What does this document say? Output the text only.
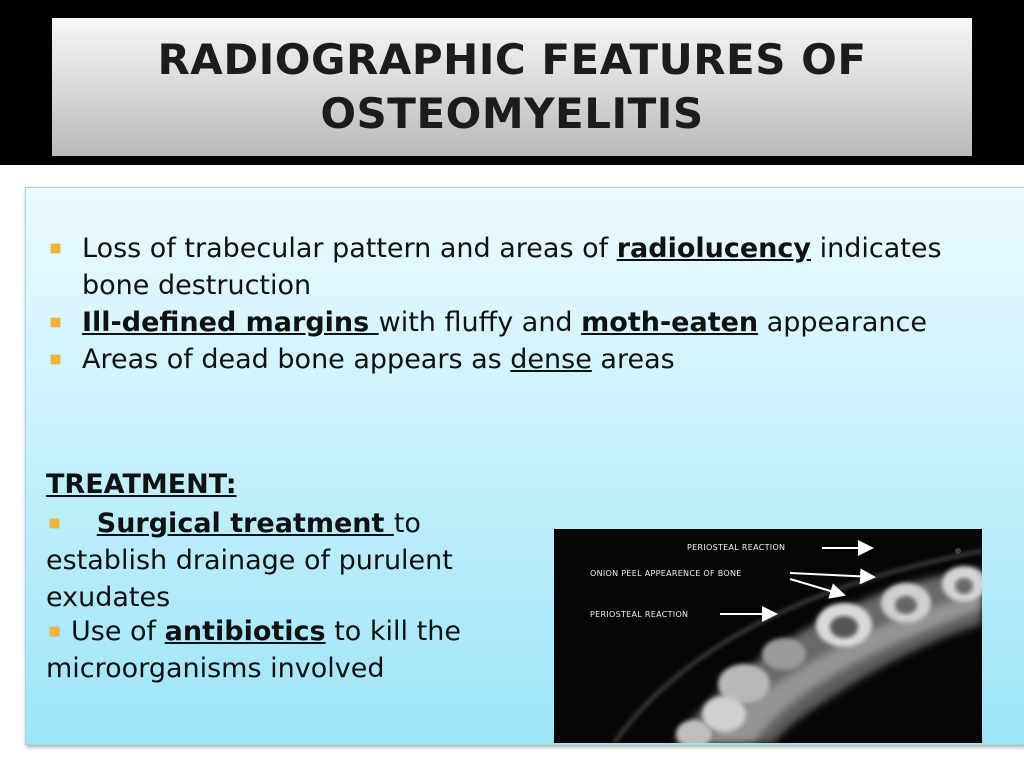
RADIOGRAPHIC FEATURES OF
OSTEOMYELITIS
Loss of trabecular pattern and areas of radiolucency indicates bone destruction
Ill-defined margins with fluffy and moth-eaten appearance
Areas of dead bone appears as dense areas
TREATMENT:

Surgical treatment to establish drainage of purulent exudates

Use of antibiotics to kill the microorganisms involved

PERIOSTEAL REACTION
ONION PEEL APPEARENCE OF BONE
PERIOSTEAL REACTION
